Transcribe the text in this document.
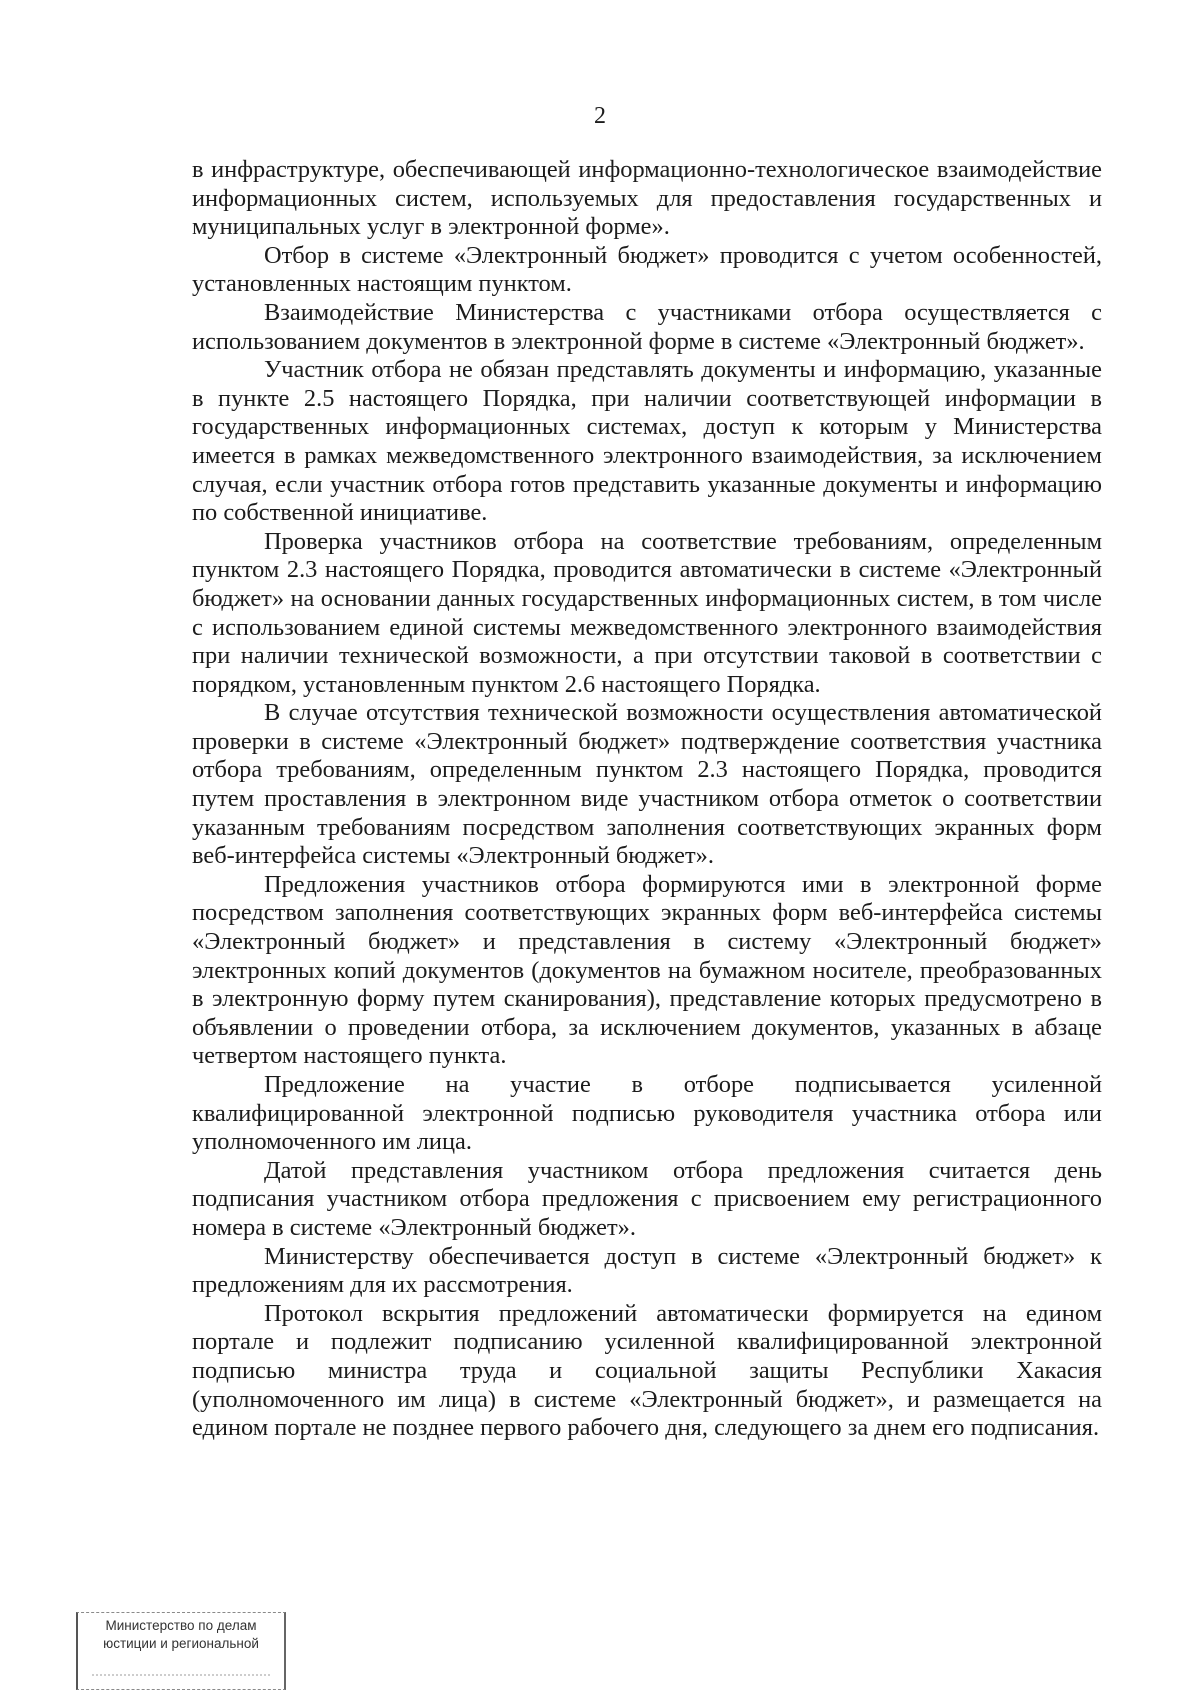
2

в инфраструктуре, обеспечивающей информационно-технологическое взаимодействие информационных систем, используемых для предоставления государственных и муниципальных услуг в электронной форме».

Отбор в системе «Электронный бюджет» проводится с учетом особенностей, установленных настоящим пунктом.

Взаимодействие Министерства с участниками отбора осуществляется с использованием документов в электронной форме в системе «Электронный бюджет».

Участник отбора не обязан представлять документы и информацию, указанные в пункте 2.5 настоящего Порядка, при наличии соответствующей информации в государственных информационных системах, доступ к которым у Министерства имеется в рамках межведомственного электронного взаимодействия, за исключением случая, если участник отбора готов представить указанные документы и информацию по собственной инициативе.

Проверка участников отбора на соответствие требованиям, определенным пунктом 2.3 настоящего Порядка, проводится автоматически в системе «Электронный бюджет» на основании данных государственных информационных систем, в том числе с использованием единой системы межведомственного электронного взаимодействия при наличии технической возможности, а при отсутствии таковой в соответствии с порядком, установленным пунктом 2.6 настоящего Порядка.

В случае отсутствия технической возможности осуществления автоматической проверки в системе «Электронный бюджет» подтверждение соответствия участника отбора требованиям, определенным пунктом 2.3 настоящего Порядка, проводится путем проставления в электронном виде участником отбора отметок о соответствии указанным требованиям посредством заполнения соответствующих экранных форм веб-интерфейса системы «Электронный бюджет».

Предложения участников отбора формируются ими в электронной форме посредством заполнения соответствующих экранных форм веб-интерфейса системы «Электронный бюджет» и представления в систему «Электронный бюджет» электронных копий документов (документов на бумажном носителе, преобразованных в электронную форму путем сканирования), представление которых предусмотрено в объявлении о проведении отбора, за исключением документов, указанных в абзаце четвертом настоящего пункта.

Предложение на участие в отборе подписывается усиленной квалифицированной электронной подписью руководителя участника отбора или уполномоченного им лица.

Датой представления участником отбора предложения считается день подписания участником отбора предложения с присвоением ему регистрационного номера в системе «Электронный бюджет».

Министерству обеспечивается доступ в системе «Электронный бюджет» к предложениям для их рассмотрения.

Протокол вскрытия предложений автоматически формируется на едином портале и подлежит подписанию усиленной квалифицированной электронной подписью министра труда и социальной защиты Республики Хакасия (уполномоченного им лица) в системе «Электронный бюджет», и размещается на едином портале не позднее первого рабочего дня, следующего за днем его подписания.

Министерство по делам
юстиции и региональной
